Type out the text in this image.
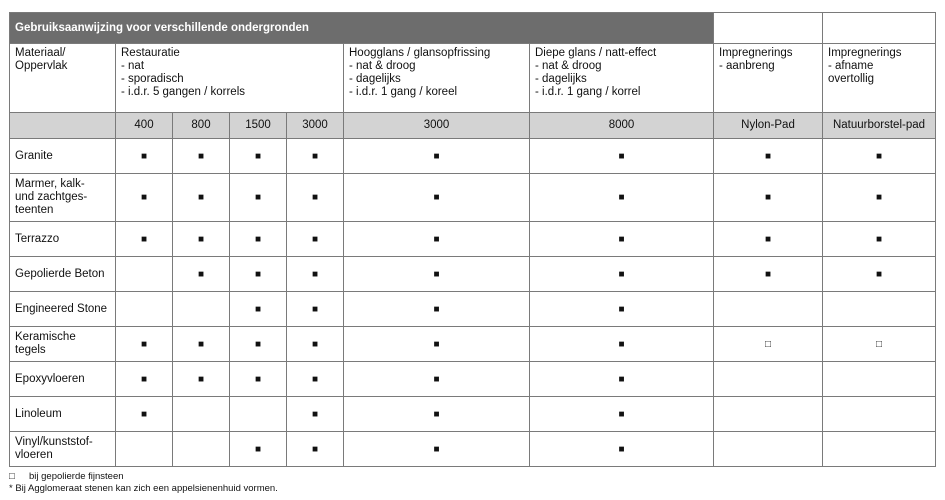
Gebruiksaanwijzing voor verschillende ondergronden								

Materiaal/
Oppervlak	Restauratie
- nat
- sporadisch
- i.d.r. 5 gangen / korrels				Hoogglans / glansopfrissing
- nat & droog
- dagelijks
- i.d.r. 1 gang / koreel	Diepe glans / natt-effect
- nat & droog
- dagelijks
- i.d.r. 1 gang / korrel	Impregnerings
- aanbreng	Impregnerings
- afname
overtollig

	400	800	1500	3000	3000	8000	Nylon-Pad	Natuurborstel-pad

Granite	■	■	■	■	■	■	■	■

Marmer, kalk-
und zachtges-
teenten	■	■	■	■	■	■	■	■

Terrazzo	■	■	■	■	■	■	■	■

Gepolierde Beton		■	■	■	■	■	■	■

Engineered Stone			■	■	■	■		

Keramische
tegels	■	■	■	■	■	■	□	□

Epoxyvloeren	■	■	■	■	■	■		

Linoleum	■			■	■	■		

Vinyl/kunststof-
vloeren			■	■	■	■		
□ bij gepolierde fijnsteen
* Bij Agglomeraat stenen kan zich een appelsienenhuid vormen.
